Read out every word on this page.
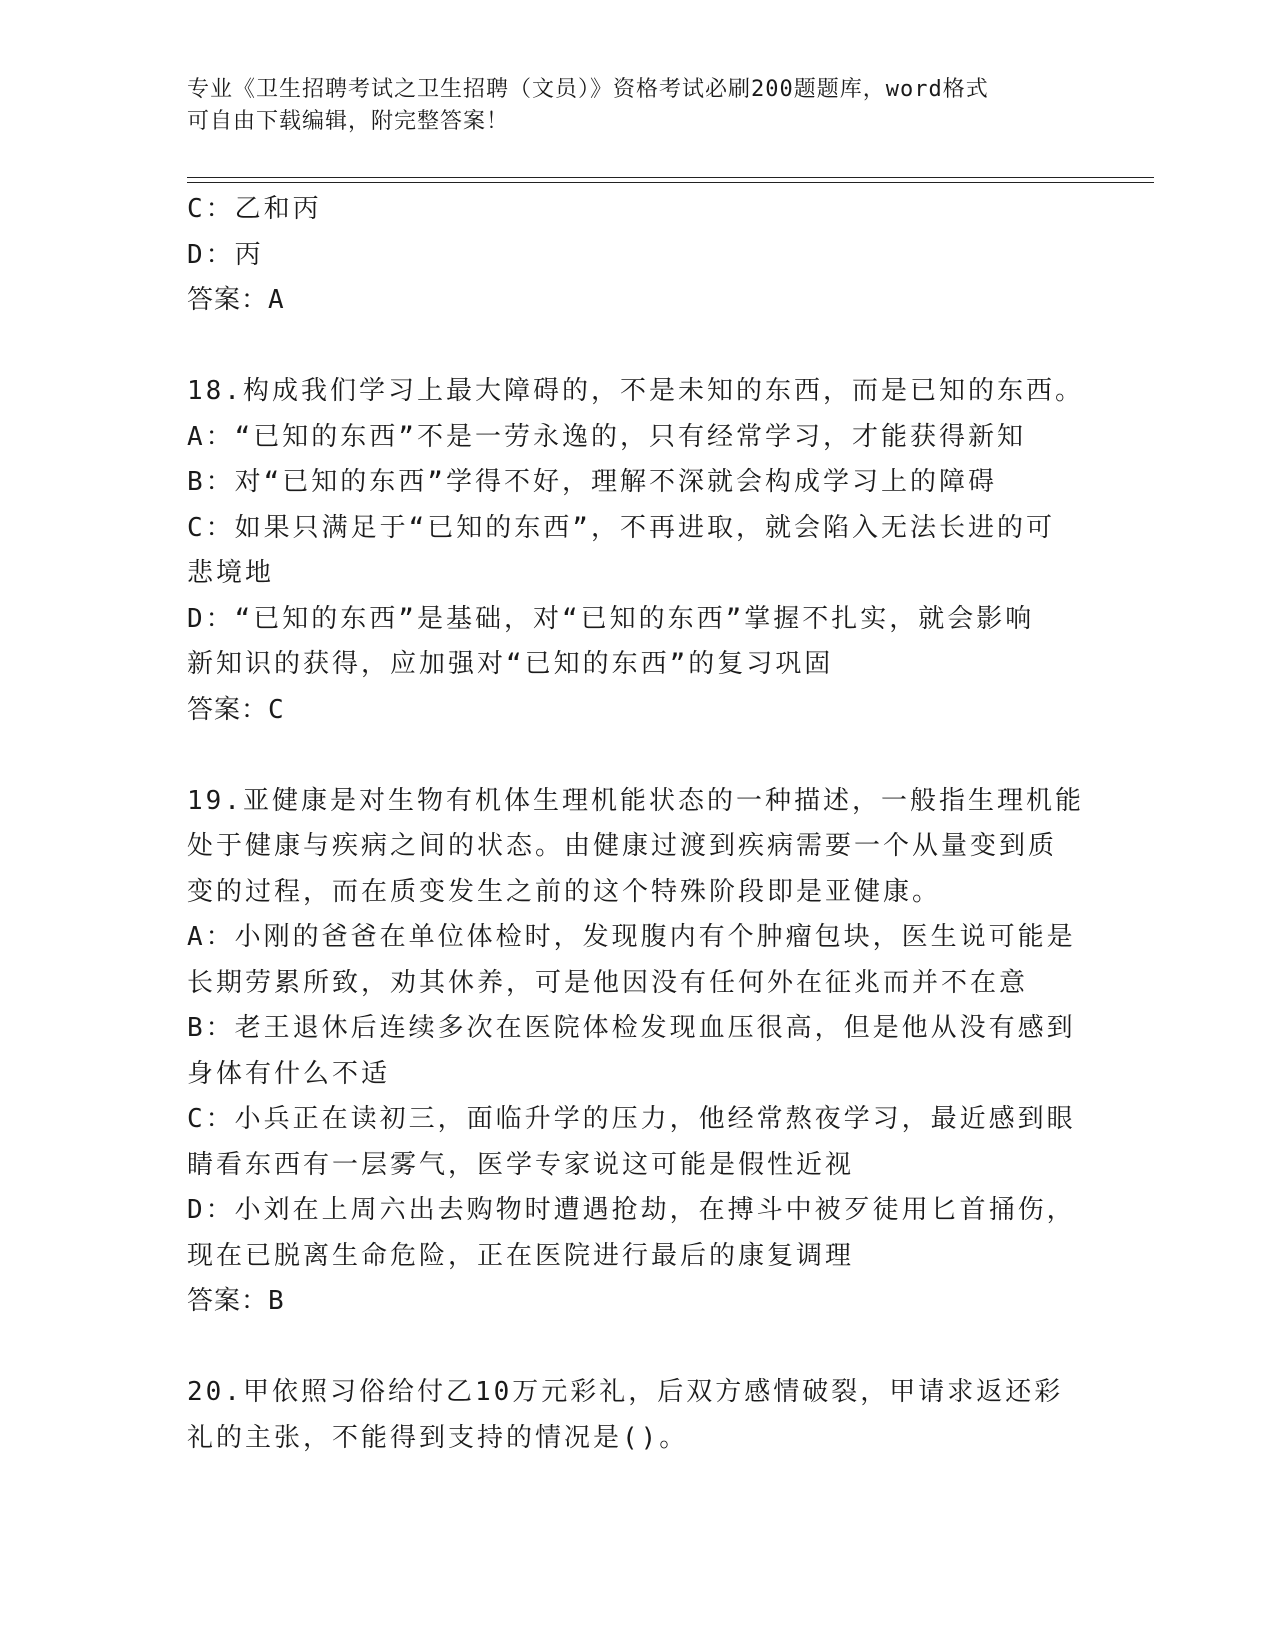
专业《卫生招聘考试之卫生招聘（文员）》资格考试必刷200题题库，word格式
可自由下载编辑，附完整答案！
C：乙和丙
D：丙
答案：A
18.构成我们学习上最大障碍的，不是未知的东西，而是已知的东西。
A：“已知的东西”不是一劳永逸的，只有经常学习，才能获得新知
B：对“已知的东西”学得不好，理解不深就会构成学习上的障碍
C：如果只满足于“已知的东西”，不再进取，就会陷入无法长进的可
悲境地
D：“已知的东西”是基础，对“已知的东西”掌握不扎实，就会影响
新知识的获得，应加强对“已知的东西”的复习巩固
答案：C
19.亚健康是对生物有机体生理机能状态的一种描述，一般指生理机能
处于健康与疾病之间的状态。由健康过渡到疾病需要一个从量变到质
变的过程，而在质变发生之前的这个特殊阶段即是亚健康。
A：小刚的爸爸在单位体检时，发现腹内有个肿瘤包块，医生说可能是
长期劳累所致，劝其休养，可是他因没有任何外在征兆而并不在意
B：老王退休后连续多次在医院体检发现血压很高，但是他从没有感到
身体有什么不适
C：小兵正在读初三，面临升学的压力，他经常熬夜学习，最近感到眼
睛看东西有一层雾气，医学专家说这可能是假性近视
D：小刘在上周六出去购物时遭遇抢劫，在搏斗中被歹徒用匕首捅伤，
现在已脱离生命危险，正在医院进行最后的康复调理
答案：B
20.甲依照习俗给付乙10万元彩礼，后双方感情破裂，甲请求返还彩
礼的主张，不能得到支持的情况是()。
